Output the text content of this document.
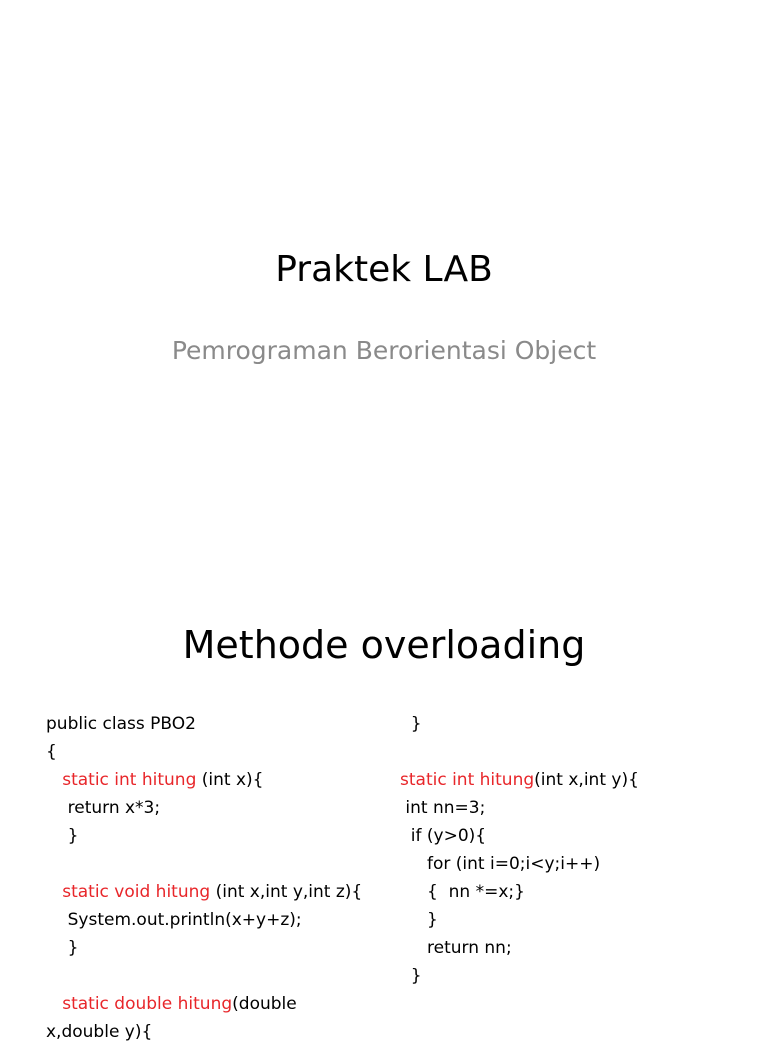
Praktek LAB
Pemrograman Berorientasi Object
Methode overloading
public class PBO2
{
static int hitung (int x){
return x*3;
}
static void hitung (int x,int y,int z){
System.out.println(x+y+z);
}
static double hitung(double
x,double y){
}
static int hitung(int x,int y){
int nn=3;
if (y>0){
for (int i=0;i<y;i++)
{  nn *=x;}
}
return nn;
}
